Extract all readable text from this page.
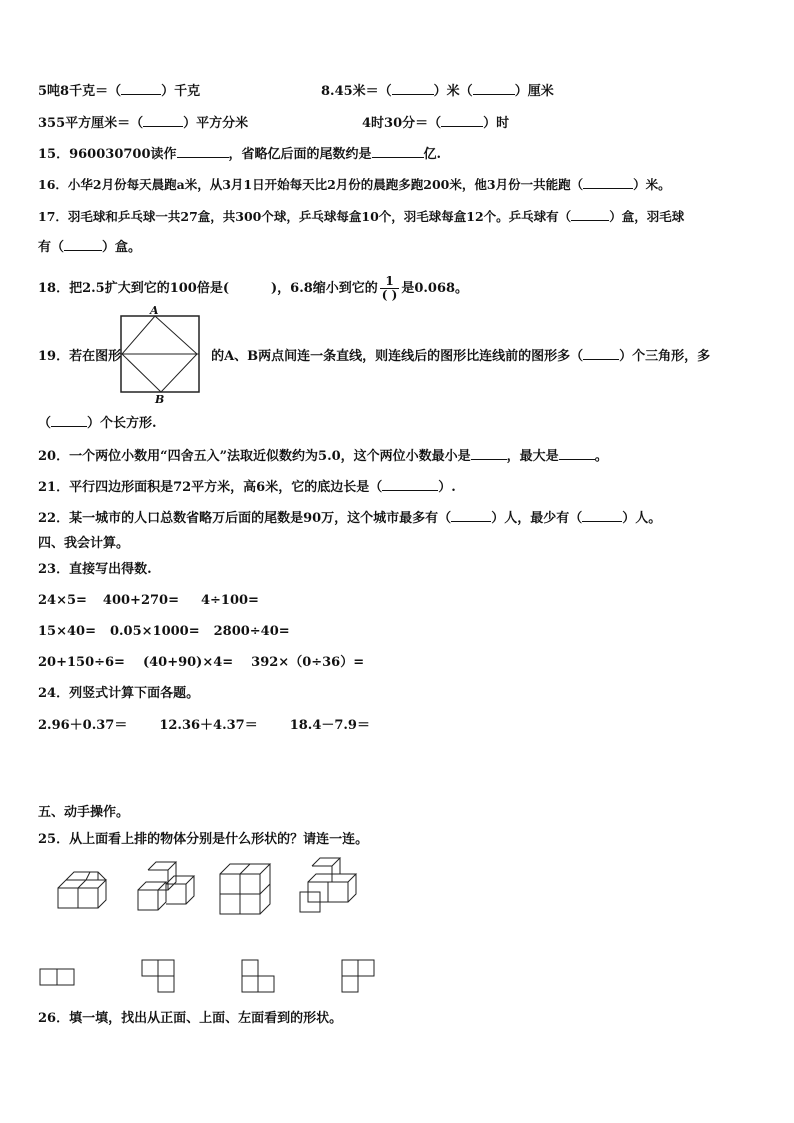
5吨8千克＝（	）千克	8.45米＝（	）米（	）厘米
355平方厘米＝（	）平方分米	4时30分＝（	）时
15．960030700读作	，省略亿后面的尾数约是	亿.
16．小华2月份每天晨跑a米，从3月1日开始每天比2月份的晨跑多跑200米，他3月份一共能跑（	）米。
17．羽毛球和乒乓球一共27盒，共300个球，乒乓球每盒10个，羽毛球每盒12个。乒乓球有（	）盒，羽毛球
有（	）盒。
18．把2.5扩大到它的100倍是(	)，6.8缩小到它的 $\frac{1}{( )}$ 是0.068。
A
B
19．若在图形	的A、B两点间连一条直线，则连线后的图形比连线前的图形多（	）个三角形，多
（	）个长方形.
20．一个两位小数用“四舍五入”法取近似数约为5.0，这个两位小数最小是	，最大是	。
21．平行四边形面积是72平方米，高6米，它的底边长是（	）.
22．某一城市的人口总数省略万后面的尾数是90万，这个城市最多有（	）人，最少有（	）人。
四、我会计算。
23．直接写出得数.
24×5= 400+270= 4÷100=
15×40= 0.05×1000= 2800÷40=
20+150÷6= (40+90)×4= 392×（0÷36）=
24．列竖式计算下面各题。
2.96＋0.37＝ 12.36＋4.37＝ 18.4－7.9＝
五、动手操作。
25．从上面看上排的物体分别是什么形状的？请连一连。
26．填一填，找出从正面、上面、左面看到的形状。
